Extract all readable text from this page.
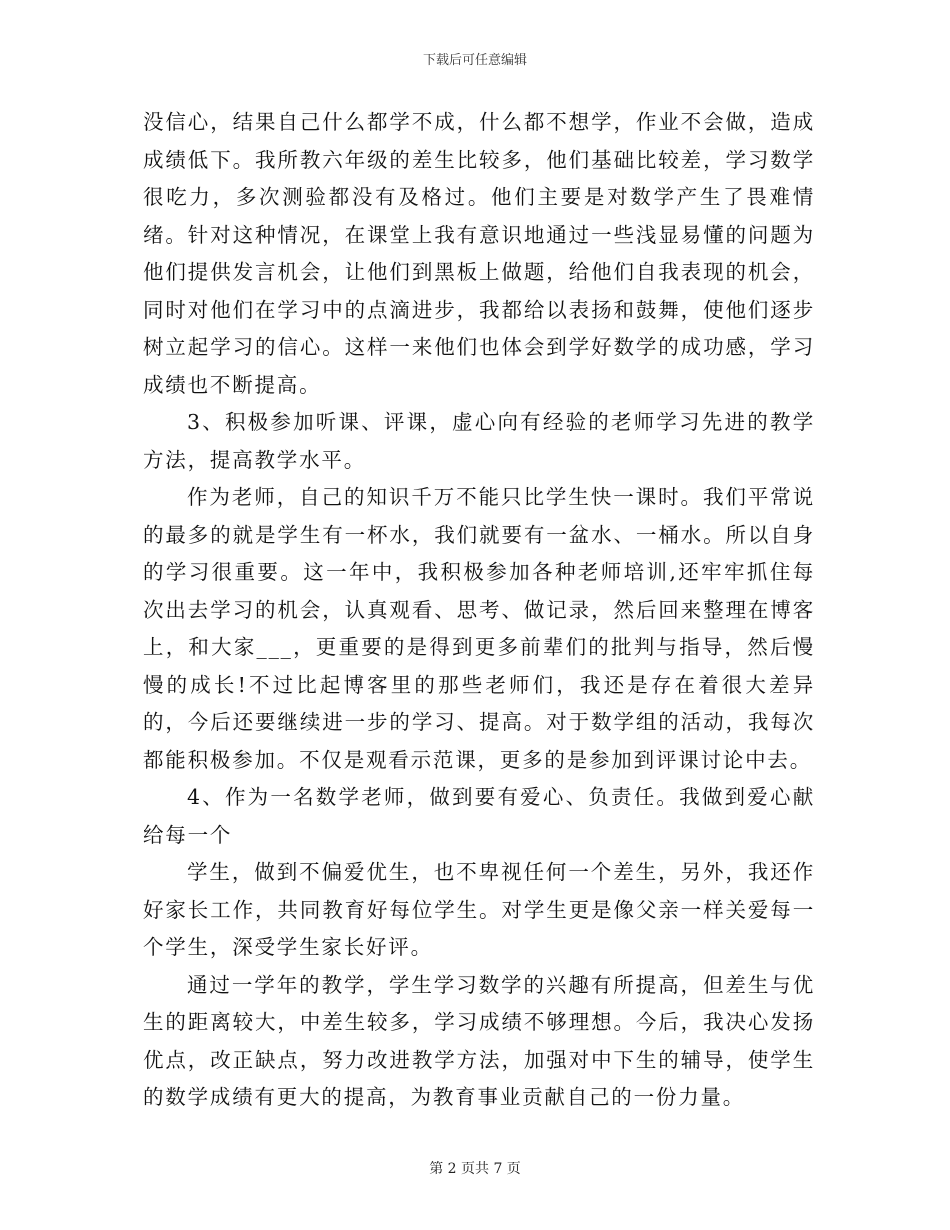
下载后可任意编辑

没信心，结果自己什么都学不成，什么都不想学，作业不会做，造成成绩低下。我所教六年级的差生比较多，他们基础比较差，学习数学很吃力，多次测验都没有及格过。他们主要是对数学产生了畏难情绪。针对这种情况，在课堂上我有意识地通过一些浅显易懂的问题为他们提供发言机会，让他们到黑板上做题，给他们自我表现的机会，同时对他们在学习中的点滴进步，我都给以表扬和鼓舞，使他们逐步树立起学习的信心。这样一来他们也体会到学好数学的成功感，学习成绩也不断提高。

3、积极参加听课、评课，虚心向有经验的老师学习先进的教学方法，提高教学水平。

作为老师，自己的知识千万不能只比学生快一课时。我们平常说的最多的就是学生有一杯水，我们就要有一盆水、一桶水。所以自身的学习很重要。这一年中，我积极参加各种老师培训,还牢牢抓住每次出去学习的机会，认真观看、思考、做记录，然后回来整理在博客上，和大家___，更重要的是得到更多前辈们的批判与指导，然后慢慢的成长!不过比起博客里的那些老师们，我还是存在着很大差异的，今后还要继续进一步的学习、提高。对于数学组的活动，我每次都能积极参加。不仅是观看示范课，更多的是参加到评课讨论中去。

4、作为一名数学老师，做到要有爱心、负责任。我做到爱心献给每一个

学生，做到不偏爱优生，也不卑视任何一个差生，另外，我还作好家长工作，共同教育好每位学生。对学生更是像父亲一样关爱每一个学生，深受学生家长好评。

通过一学年的教学，学生学习数学的兴趣有所提高，但差生与优生的距离较大，中差生较多，学习成绩不够理想。今后，我决心发扬优点，改正缺点，努力改进教学方法，加强对中下生的辅导，使学生的数学成绩有更大的提高，为教育事业贡献自己的一份力量。

第 2 页共 7 页
